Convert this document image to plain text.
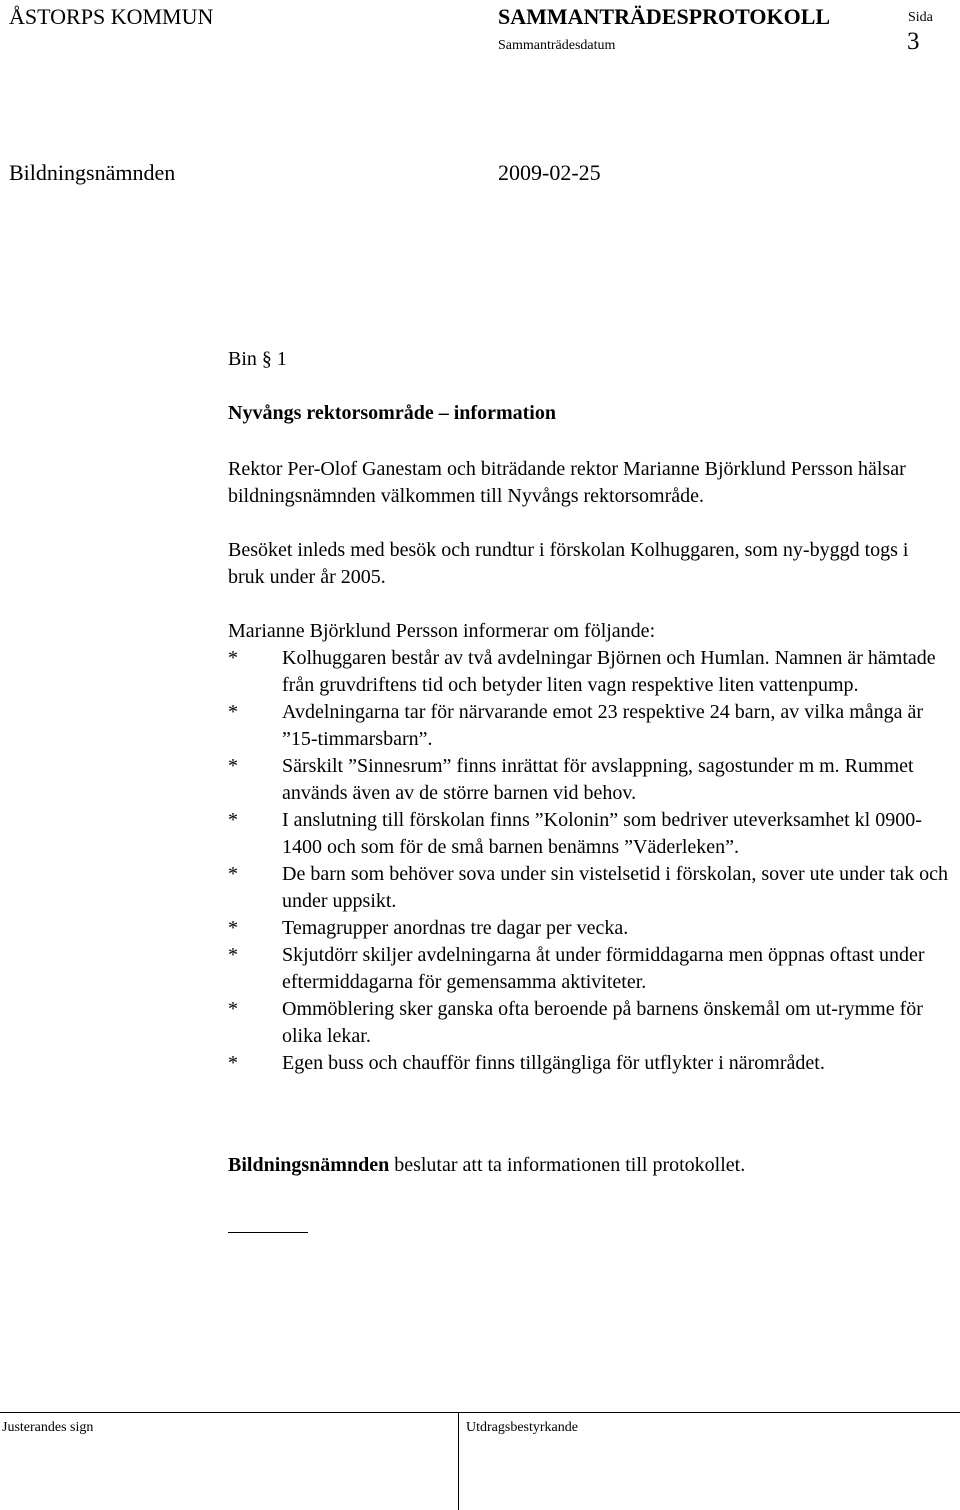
ÅSTORPS KOMMUN	SAMMANTRÄDESPROTOKOLL	Sida
Sammanträdesdatum	3
Bildningsnämnden	2009-02-25
Bin § 1
Nyvångs rektorsområde – information

Rektor Per-Olof Ganestam och biträdande rektor Marianne Björklund Persson hälsar bildningsnämnden välkommen till Nyvångs rektorsområde.

Besöket inleds med besök och rundtur i förskolan Kolhuggaren, som ny-byggd togs i bruk under år 2005.

Marianne Björklund Persson informerar om följande:

* Kolhuggaren består av två avdelningar Björnen och Humlan. Namnen är hämtade från gruvdriftens tid och betyder liten vagn respektive liten vattenpump.
* Avdelningarna tar för närvarande emot 23 respektive 24 barn, av vilka många är ”15-timmarsbarn”.
* Särskilt ”Sinnesrum” finns inrättat för avslappning, sagostunder m m. Rummet används även av de större barnen vid behov.
* I anslutning till förskolan finns ”Kolonin” som bedriver uteverksamhet kl 0900-1400 och som för de små barnen benämns ”Väderleken”.
* De barn som behöver sova under sin vistelsetid i förskolan, sover ute under tak och under uppsikt.
* Temagrupper anordnas tre dagar per vecka.
* Skjutdörr skiljer avdelningarna åt under förmiddagarna men öppnas oftast under eftermiddagarna för gemensamma aktiviteter.
* Ommöblering sker ganska ofta beroende på barnens önskemål om ut-rymme för olika lekar.
* Egen buss och chaufför finns tillgängliga för utflykter i närområdet.
Bildningsnämnden beslutar att ta informationen till protokollet.
Justerandes sign	Utdragsbestyrkande
